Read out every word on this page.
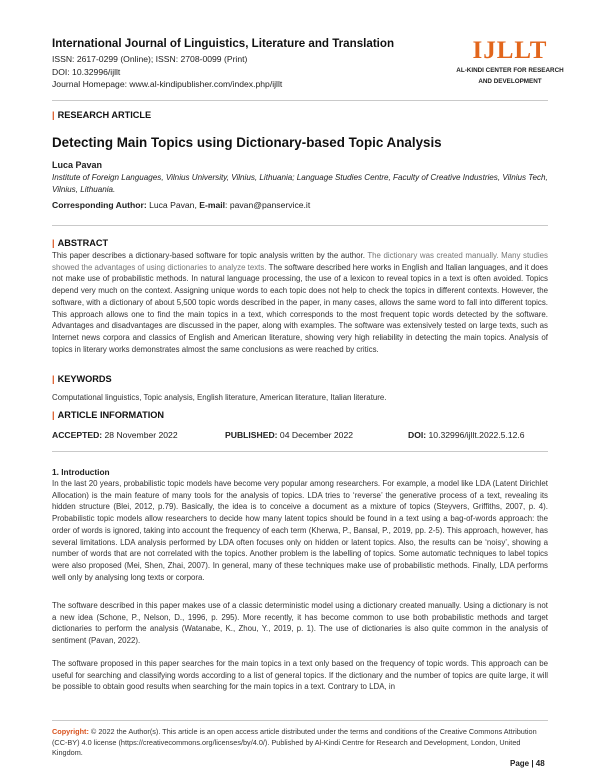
International Journal of Linguistics, Literature and Translation
ISSN: 2617-0299 (Online); ISSN: 2708-0099 (Print)
DOI: 10.32996/ijllt
Journal Homepage: www.al-kindipublisher.com/index.php/ijllt
IJLLT
AL-KINDI CENTER FOR RESEARCH
AND DEVELOPMENT
| RESEARCH ARTICLE
Detecting Main Topics using Dictionary-based Topic Analysis
Luca Pavan
Institute of Foreign Languages, Vilnius University, Vilnius, Lithuania; Language Studies Centre, Faculty of Creative Industries, Vilnius Tech, Vilnius, Lithuania.
Corresponding Author: Luca Pavan, E-mail: pavan@panservice.it
| ABSTRACT

This paper describes a dictionary-based software for topic analysis written by the author. The dictionary was created manually. Many studies showed the advantages of using dictionaries to analyze texts. The software described here works in English and Italian languages, and it does not make use of probabilistic methods. In natural language processing, the use of a lexicon to reveal topics in a text is often avoided. Topics depend very much on the context. Assigning unique words to each topic does not help to check the topics in different contexts. However, the software, with a dictionary of about 5,500 topic words described in the paper, in many cases, allows the same word to fall into different topics. This approach allows one to find the main topics in a text, which corresponds to the most frequent topic words detected by the software. Advantages and disadvantages are discussed in the paper, along with examples. The software was extensively tested on large texts, such as Internet news corpora and classics of English and American literature, showing very high reliability in detecting the main topics. Analysis of topics in literary works demonstrates almost the same conclusions as were reached by critics.

| KEYWORDS

Computational linguistics, Topic analysis, English literature, American literature, Italian literature.

| ARTICLE INFORMATION
ACCEPTED: 28 November 2022	PUBLISHED: 04 December 2022	DOI: 10.32996/ijllt.2022.5.12.6
1. Introduction

In the last 20 years, probabilistic topic models have become very popular among researchers. For example, a model like LDA (Latent Dirichlet Allocation) is the main feature of many tools for the analysis of topics. LDA tries to ‘reverse’ the generative process of a text, revealing its hidden structure (Blei, 2012, p.79). Basically, the idea is to conceive a document as a mixture of topics (Steyvers, Griffiths, 2007, p. 4). Probabilistic topic models allow researchers to decide how many latent topics should be found in a text using a bag-of-words approach: the order of words is ignored, taking into account the frequency of each term (Kherwa, P., Bansal, P., 2019, pp. 2-5). This approach, however, has several limitations. LDA analysis performed by LDA often focuses only on hidden or latent topics. Also, the results can be ‘noisy’, showing a number of words that are not correlated with the topics. Another problem is the labelling of topics. Some automatic techniques to label topics were also proposed (Mei, Shen, Zhai, 2007). In general, many of these techniques make use of probabilistic methods. Finally, LDA performs well only by analysing long texts or corpora.

The software described in this paper makes use of a classic deterministic model using a dictionary created manually. Using a dictionary is not a new idea (Schone, P., Nelson, D., 1996, p. 295). More recently, it has become common to use both probabilistic methods and target dictionaries to perform the analysis (Watanabe, K., Zhou, Y., 2019, p. 1). The use of dictionaries is also quite common in the analysis of sentiment (Pavan, 2022).

The software proposed in this paper searches for the main topics in a text only based on the frequency of topic words. This approach can be useful for searching and classifying words according to a list of general topics. If the dictionary and the number of topics are quite large, it will be possible to obtain good results when searching for the main topics in a text. Contrary to LDA, in

Copyright: © 2022 the Author(s). This article is an open access article distributed under the terms and conditions of the Creative Commons Attribution (CC-BY) 4.0 license (https://creativecommons.org/licenses/by/4.0/). Published by Al-Kindi Centre for Research and Development, London, United Kingdom.
Page | 48
